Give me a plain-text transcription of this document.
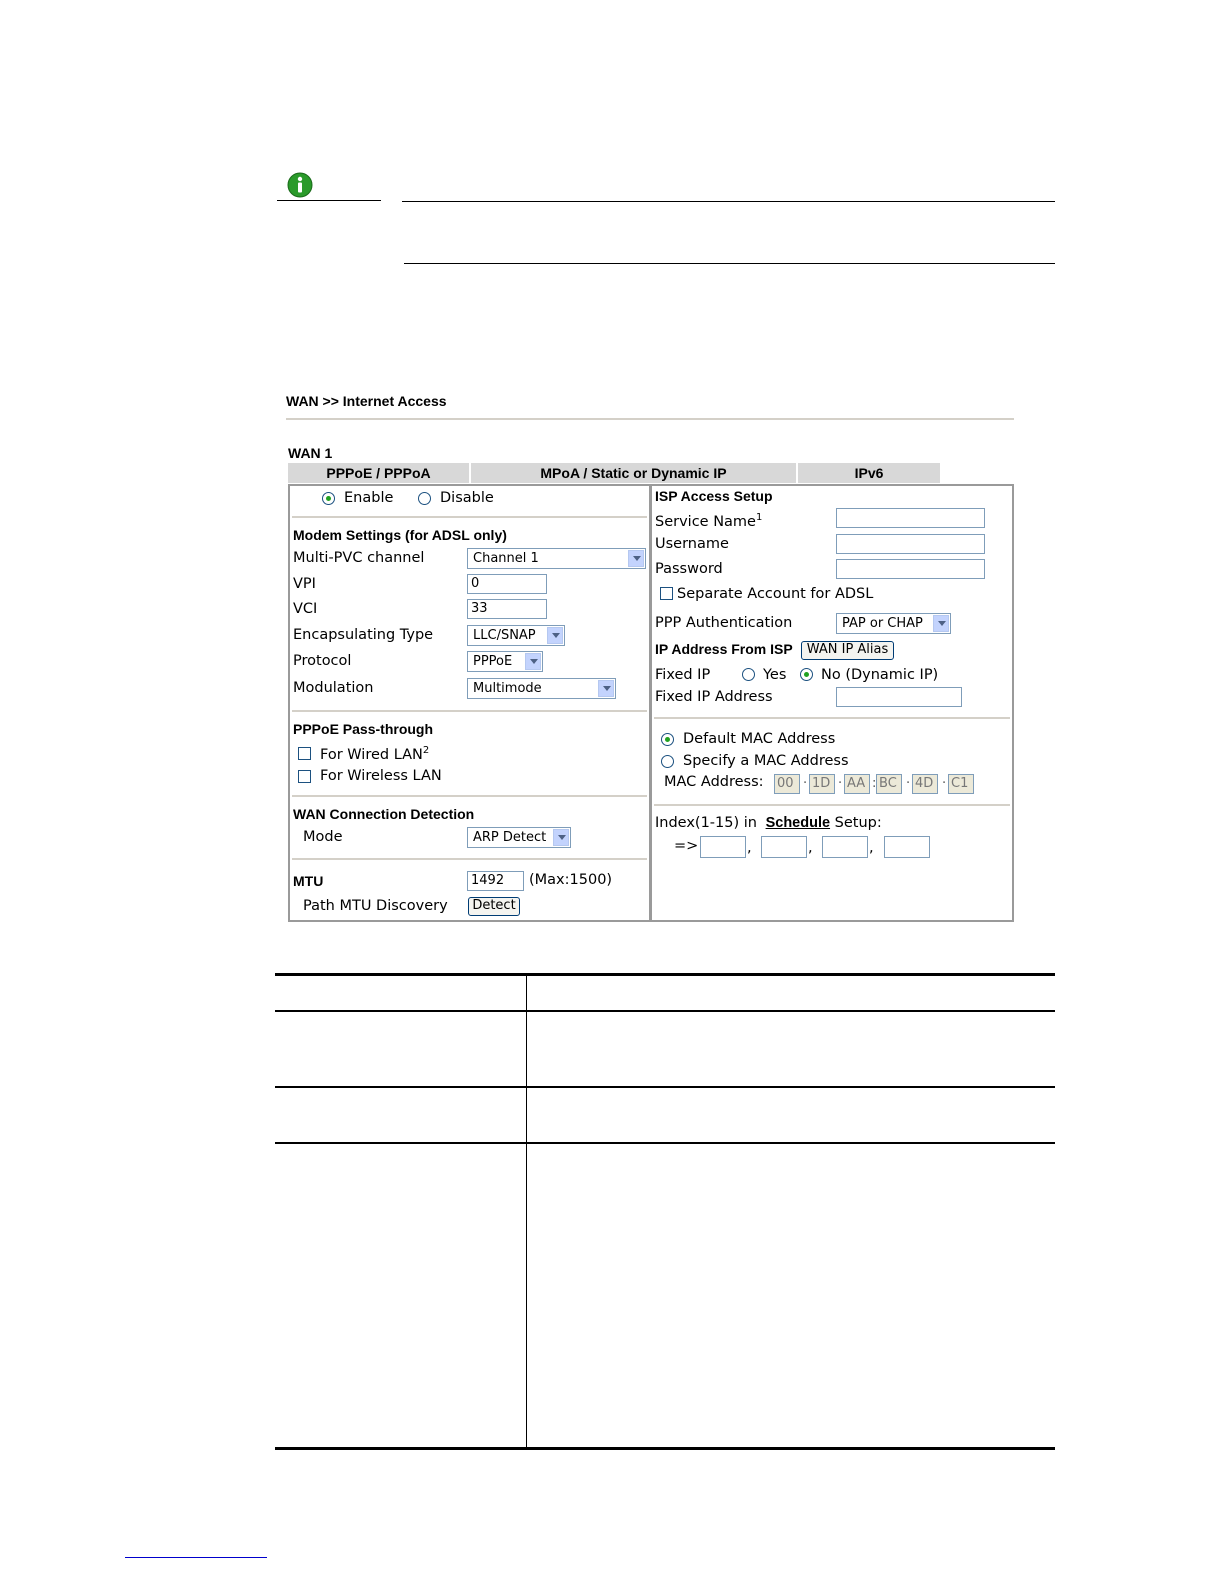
WAN >> Internet Access
WAN 1
PPPoE / PPPoA	MPoA / Static or Dynamic IP	IPv6
Enable	Disable
Modem Settings (for ADSL only)
Multi-PVC channel	Channel 1
VPI	0
VCI	33
Encapsulating Type	LLC/SNAP
Protocol	PPPoE
Modulation	Multimode
PPPoE Pass-through
For Wired LAN$^2$
For Wireless LAN
WAN Connection Detection
Mode	ARP Detect
MTU	1492	(Max:1500)
Path MTU Discovery	Detect
ISP Access Setup
Service Name$^1$
Username
Password
Separate Account for ADSL
PPP Authentication	PAP or CHAP
IP Address From ISP	WAN IP Alias
Fixed IP	Yes No (Dynamic IP)
Fixed IP Address
Default MAC Address
Specify a MAC Address
MAC Address: 00 · 1D · AA : BC · 4D · C1
Index(1-15) in Schedule Setup:
=>	,	,	,
